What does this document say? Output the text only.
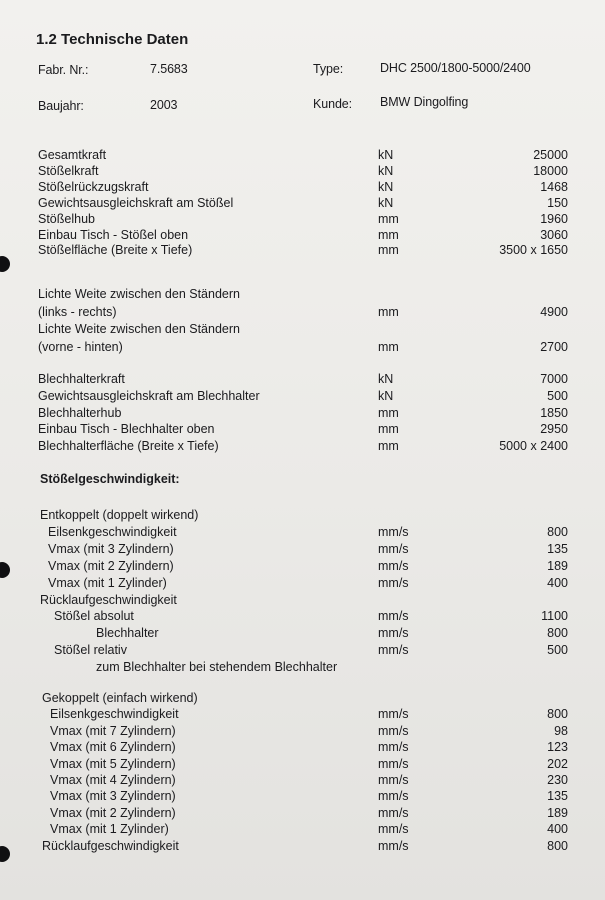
1.2 Technische Daten
Fabr. Nr.:	7.5683	Type:	DHC 2500/1800-5000/2400
Baujahr:	2003	Kunde: BMW Dingolfing
Gesamtkraft	kN	25000
Stößelkraft	kN	18000
Stößelrückzugskraft	kN	1468
Gewichtsausgleichskraft am Stößel	kN	150
Stößelhub	mm	1960
Einbau Tisch - Stößel oben	mm	3060
Stößelfläche (Breite x Tiefe)	mm	3500 x 1650
Lichte Weite zwischen den Ständern
(links - rechts)	mm	4900
Lichte Weite zwischen den Ständern
(vorne - hinten)	mm	2700
Blechhalterkraft	kN	7000
Gewichtsausgleichskraft am Blechhalter	kN	500
Blechhalterhub	mm	1850
Einbau Tisch - Blechhalter oben	mm	2950
Blechhalterfläche (Breite x Tiefe)	mm	5000 x 2400
Stößelgeschwindigkeit:
Entkoppelt (doppelt wirkend)
Eilsenkgeschwindigkeit	mm/s	800
Vmax (mit 3 Zylindern)	mm/s	135
Vmax (mit 2 Zylindern)	mm/s	189
Vmax (mit 1 Zylinder)	mm/s	400
Rücklaufgeschwindigkeit
Stößel absolut	mm/s	1100
Blechhalter	mm/s	800
Stößel relativ	mm/s	500
zum Blechhalter bei stehendem Blechhalter
Gekoppelt (einfach wirkend)
Eilsenkgeschwindigkeit	mm/s	800
Vmax (mit 7 Zylindern)	mm/s	98
Vmax (mit 6 Zylindern)	mm/s	123
Vmax (mit 5 Zylindern)	mm/s	202
Vmax (mit 4 Zylindern)	mm/s	230
Vmax (mit 3 Zylindern)	mm/s	135
Vmax (mit 2 Zylindern)	mm/s	189
Vmax (mit 1 Zylinder)	mm/s	400
Rücklaufgeschwindigkeit	mm/s	800
